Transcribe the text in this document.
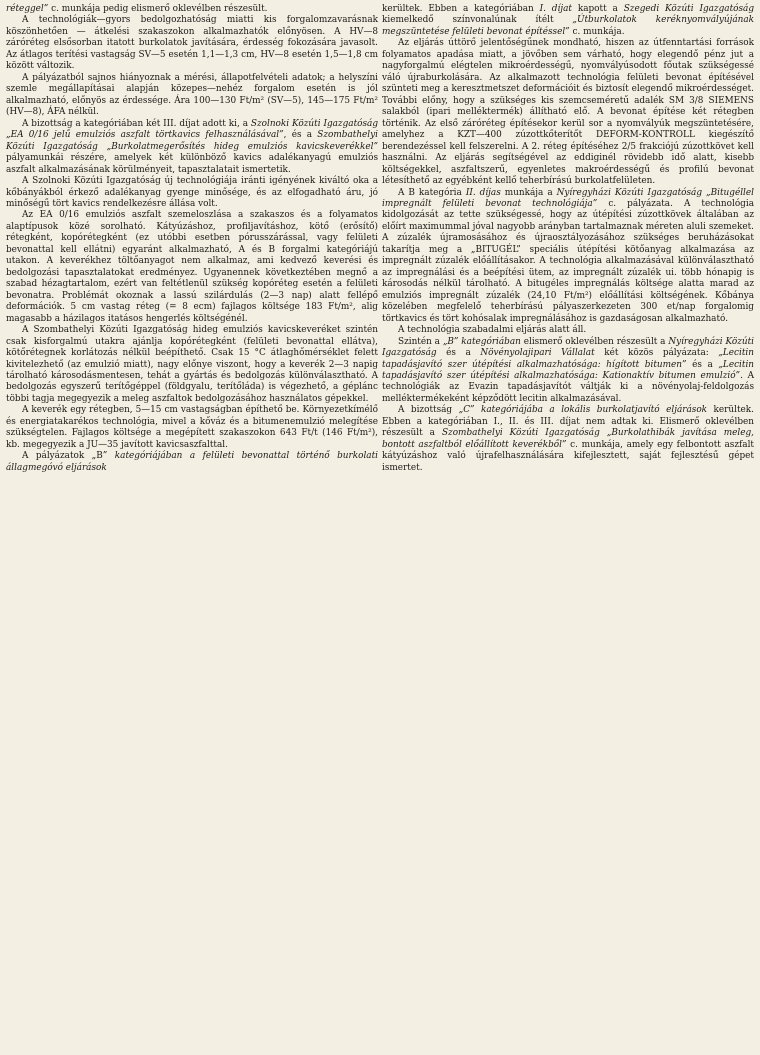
réteggel” c. munkája pedig elismerő oklevélben részesült.

A technológiák—gyors bedolgozhatóság miatti kis forgalomzavarásnak köszönhetően — átkelési szakaszokon alkalmazhatók előnyösen. A HV—8 záróréteg elsősorban itatott burkolatok javítására, érdesség fokozására javasolt. Az átlagos terítési vastagság SV—5 esetén 1,1—1,3 cm, HV—8 esetén 1,5—1,8 cm között változik.

A pályázatból sajnos hiányoznak a mérési, állapotfelvételi adatok; a helyszíni szemle megállapításai alapján közepes—nehéz forgalom esetén is jól alkalmazható, előnyös az érdessége. Ára 100—130 Ft/m² (SV—5), 145—175 Ft/m² (HV—8), ÁFA nélkül.

A bizottság a kategóriában két III. díjat adott ki, a Szolnoki Közúti Igazgatóság „EA 0/16 jelű emulziós aszfalt törtkavics felhasználásával”, és a Szombathelyi Közúti Igazgatóság „Burkolatmegerősítés hideg emulziós kavicskeverékkel” pályamunkái részére, amelyek két különböző kavics adalékanyagú emulziós aszfalt alkalmazásának körülményeit, tapasztalatait ismertetik.

A Szolnoki Közúti Igazgatóság új technológiája iránti igényének kiváltó oka a kőbányákból érkező adalékanyag gyenge minősége, és az elfogadható áru, jó minőségű tört kavics rendelkezésre állása volt.

Az EA 0/16 emulziós aszfalt szemeloszlása a szakaszos és a folyamatos alaptípusok közé sorolható. Kátyúzáshoz, profiljavításhoz, kötő (erősítő) rétegként, kopórétegként (ez utóbbi esetben pórusszárással, vagy felületi bevonattal kell ellátni) egyaránt alkalmazható, A és B forgalmi kategóriájú utakon. A keverékhez töltőanyagot nem alkalmaz, ami kedvező keverési és bedolgozási tapasztalatokat eredményez. Ugyanennek következtében megnő a szabad hézagtartalom, ezért van feltétlenül szükség kopóréteg esetén a felületi bevonatra. Problémát okoznak a lassú szilárdulás (2—3 nap) alatt fellépő deformációk. 5 cm vastag réteg (= 8 ecm) fajlagos költsége 183 Ft/m², alig magasabb a házilagos itatásos hengerlés költségénél.

A Szombathelyi Közúti Igazgatóság hideg emulziós kavicskeveréket szintén csak kisforgalmú utakra ajánlja kopórétegként (felületi bevonattal ellátva), kötőrétegnek korlátozás nélkül beépíthető. Csak 15 °C átlaghőmérséklet felett kivitelezhető (az emulzió miatt), nagy előnye viszont, hogy a keverék 2—3 napig tárolható károsodásmentesen, tehát a gyártás és bedolgozás különválasztható. A bedolgozás egyszerű terítőgéppel (földgyalu, terítőláda) is végezhető, a géplánc többi tagja megegyezik a meleg aszfaltok bedolgozásához használatos gépekkel.

A keverék egy rétegben, 5—15 cm vastagságban építhető be. Környezetkímélő és energiatakarékos technológia, mivel a kőváz és a bitumenemulzió melegítése szükségtelen. Fajlagos költsége a megépített szakaszokon 643 Ft/t (146 Ft/m²), kb. megegyezik a JU—35 javított kavicsaszfalttal.

A pályázatok „B” kategóriájában a felületi bevonattal történő burkolati állagmegóvó eljárások

kerültek. Ebben a kategóriában I. díjat kapott a Szegedi Közúti Igazgatóság kiemelkedő színvonalúnak ítélt „Útburkolatok keréknyomvályújának megszüntetése felületi bevonat építéssel” c. munkája.

Az eljárás úttörő jelentőségűnek mondható, hiszen az útfenntartási források folyamatos apadása miatt, a jövőben sem várható, hogy elegendő pénz jut a nagyforgalmú elégtelen mikroérdességű, nyomvályúsodott főutak szükségessé váló újraburkolására. Az alkalmazott technológia felületi bevonat építésével szünteti meg a keresztmetszet deformációit és biztosít elegendő mikroérdességet. További előny, hogy a szükséges kis szemcseméretű adalék SM 3/8 SIEMENS salakból (ipari melléktermék) állítható elő. A bevonat építése két rétegben történik. Az első záróréteg építésekor kerül sor a nyomvályúk megszüntetésére, amelyhez a KZT—400 zúzottkőterítőt DEFORM-KONTROLL kiegészítő berendezéssel kell felszerelni. A 2. réteg építéséhez 2/5 frakciójú zúzottkövet kell használni. Az eljárás segítségével az eddiginél rövidebb idő alatt, kisebb költségekkel, aszfaltszerű, egyenletes makroérdességű és profilú bevonat létesíthető az egyébként kellő teherbírású burkolatfelületen.

A B kategória II. díjas munkája a Nyíregyházi Közúti Igazgatóság „Bitugéllel impregnált felületi bevonat technológiája” c. pályázata. A technológia kidolgozását az tette szükségessé, hogy az útépítési zúzottkövek általában az előírt maximummal jóval nagyobb arányban tartalmaznak méreten aluli szemeket. A zúzalék újramosásához és újraosztályozásához szükséges beruházásokat takarítja meg a „BITUGÉL” speciális útépítési kötőanyag alkalmazása az impregnált zúzalék előállításakor. A technológia alkalmazásával különválasztható az impregnálási és a beépítési ütem, az impregnált zúzalék ui. több hónapig is károsodás nélkül tárolható. A bitugéles impregnálás költsége alatta marad az emulziós impregnált zúzalék (24,10 Ft/m²) előállítási költségének. Kőbánya közelében megfelelő teherbírású pályaszerkezeten 300 et/nap forgalomig törtkavics és tört kohósalak impregnálásához is gazdaságosan alkalmazható.

A technológia szabadalmi eljárás alatt áll.

Szintén a „B” kategóriában elismerő oklevélben részesült a Nyíregyházi Közúti Igazgatóság és a Növényolajipari Vállalat két közös pályázata: „Lecitin tapadásjavító szer útépítési alkalmazhatósága: hígított bitumen” és a „Lecitin tapadásjavító szer útépítési alkalmazhatósága: Kationaktív bitumen emulzió”. A technológiák az Evazin tapadásjavítót váltják ki a növényolaj-feldolgozás melléktermékeként képződött lecitin alkalmazásával.

A bizottság „C” kategóriájába a lokális burkolatjavító eljárások kerültek. Ebben a kategóriában I., II. és III. díjat nem adtak ki. Elismerő oklevélben részesült a Szombathelyi Közúti Igazgatóság „Burkolathibák javítása meleg, bontott aszfaltból előállított keverékből” c. munkája, amely egy felbontott aszfalt kátyúzáshoz való újrafelhasználására kifejlesztett, saját fejlesztésű gépet ismertet.
